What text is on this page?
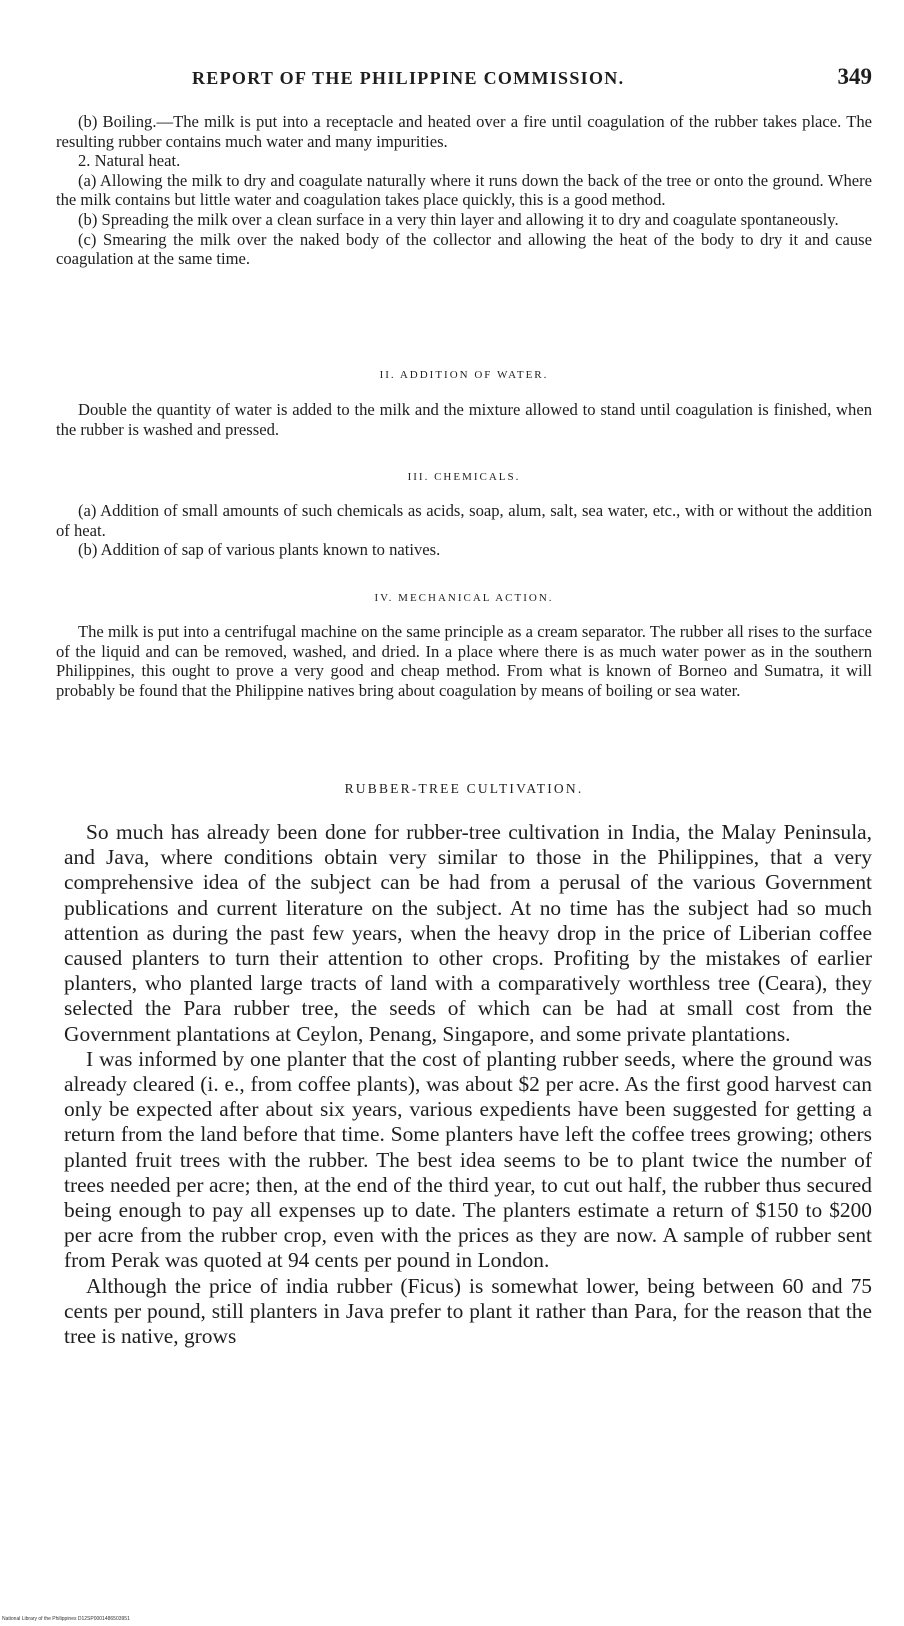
REPORT OF THE PHILIPPINE COMMISSION.	349

(b) Boiling.—The milk is put into a receptacle and heated over a fire until coagulation of the rubber takes place. The resulting rubber contains much water and many impurities.

2. Natural heat.

(a) Allowing the milk to dry and coagulate naturally where it runs down the back of the tree or onto the ground. Where the milk contains but little water and coagulation takes place quickly, this is a good method.

(b) Spreading the milk over a clean surface in a very thin layer and allowing it to dry and coagulate spontaneously.

(c) Smearing the milk over the naked body of the collector and allowing the heat of the body to dry it and cause coagulation at the same time.

II. ADDITION OF WATER.

Double the quantity of water is added to the milk and the mixture allowed to stand until coagulation is finished, when the rubber is washed and pressed.

III. CHEMICALS.

(a) Addition of small amounts of such chemicals as acids, soap, alum, salt, sea water, etc., with or without the addition of heat.

(b) Addition of sap of various plants known to natives.

IV. MECHANICAL ACTION.

The milk is put into a centrifugal machine on the same principle as a cream separator. The rubber all rises to the surface of the liquid and can be removed, washed, and dried. In a place where there is as much water power as in the southern Philippines, this ought to prove a very good and cheap method. From what is known of Borneo and Sumatra, it will probably be found that the Philippine natives bring about coagulation by means of boiling or sea water.

RUBBER-TREE CULTIVATION.

So much has already been done for rubber-tree cultivation in India, the Malay Peninsula, and Java, where conditions obtain very similar to those in the Philippines, that a very comprehensive idea of the subject can be had from a perusal of the various Government publications and current literature on the subject. At no time has the subject had so much attention as during the past few years, when the heavy drop in the price of Liberian coffee caused planters to turn their attention to other crops. Profiting by the mistakes of earlier planters, who planted large tracts of land with a comparatively worthless tree (Ceara), they selected the Para rubber tree, the seeds of which can be had at small cost from the Government plantations at Ceylon, Penang, Singapore, and some private plantations.

I was informed by one planter that the cost of planting rubber seeds, where the ground was already cleared (i. e., from coffee plants), was about $2 per acre. As the first good harvest can only be expected after about six years, various expedients have been suggested for getting a return from the land before that time. Some planters have left the coffee trees growing; others planted fruit trees with the rubber. The best idea seems to be to plant twice the number of trees needed per acre; then, at the end of the third year, to cut out half, the rubber thus secured being enough to pay all expenses up to date. The planters estimate a return of $150 to $200 per acre from the rubber crop, even with the prices as they are now. A sample of rubber sent from Perak was quoted at 94 cents per pound in London.

Although the price of india rubber (Ficus) is somewhat lower, being between 60 and 75 cents per pound, still planters in Java prefer to plant it rather than Para, for the reason that the tree is native, grows

National Library of the Philippines D12SP0001486503951
